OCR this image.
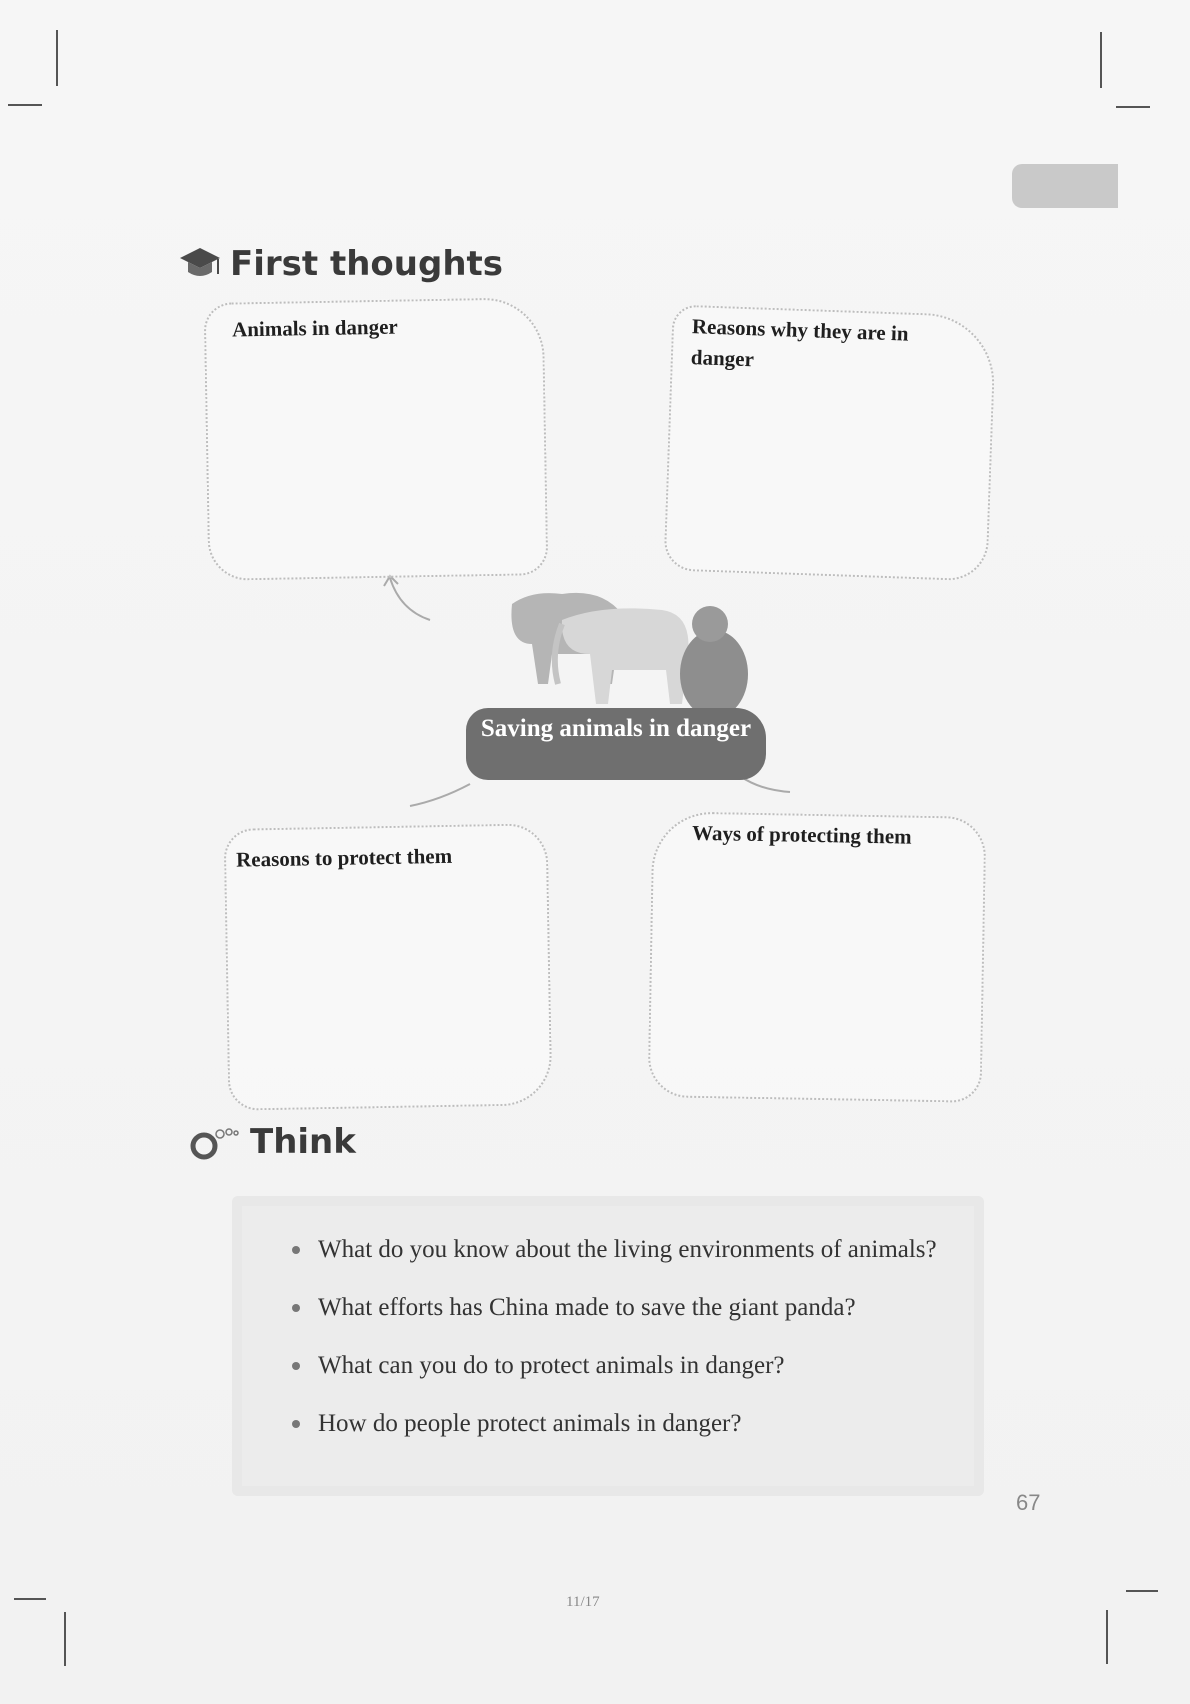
First thoughts
Animals in danger	Reasons why they are in danger
Saving animals in danger
Reasons to protect them
Ways of protecting them
Think
What do you know about the living environments of animals?
What efforts has China made to save the giant panda?
What can you do to protect animals in danger?
How do people protect animals in danger?
67
11/17
